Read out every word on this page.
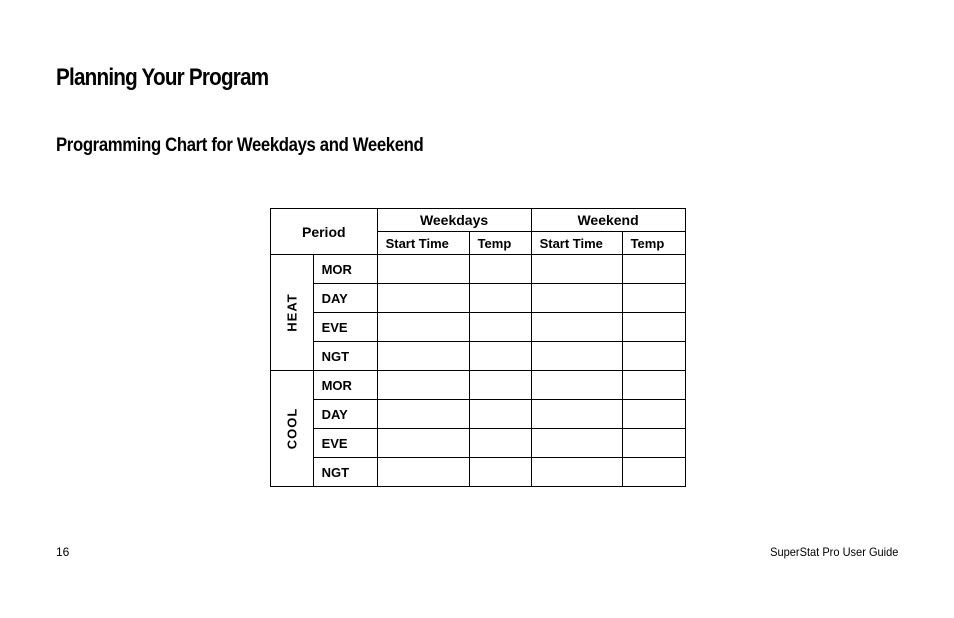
Planning Your Program
Programming Chart for Weekdays and Weekend
Period		Weekdays		Weekend	
		Start Time	Temp	Start Time	Temp
HEAT	MOR				
	DAY				
	EVE				
	NGT				
COOL	MOR				
	DAY				
	EVE				
	NGT				
16	SuperStat Pro User Guide
